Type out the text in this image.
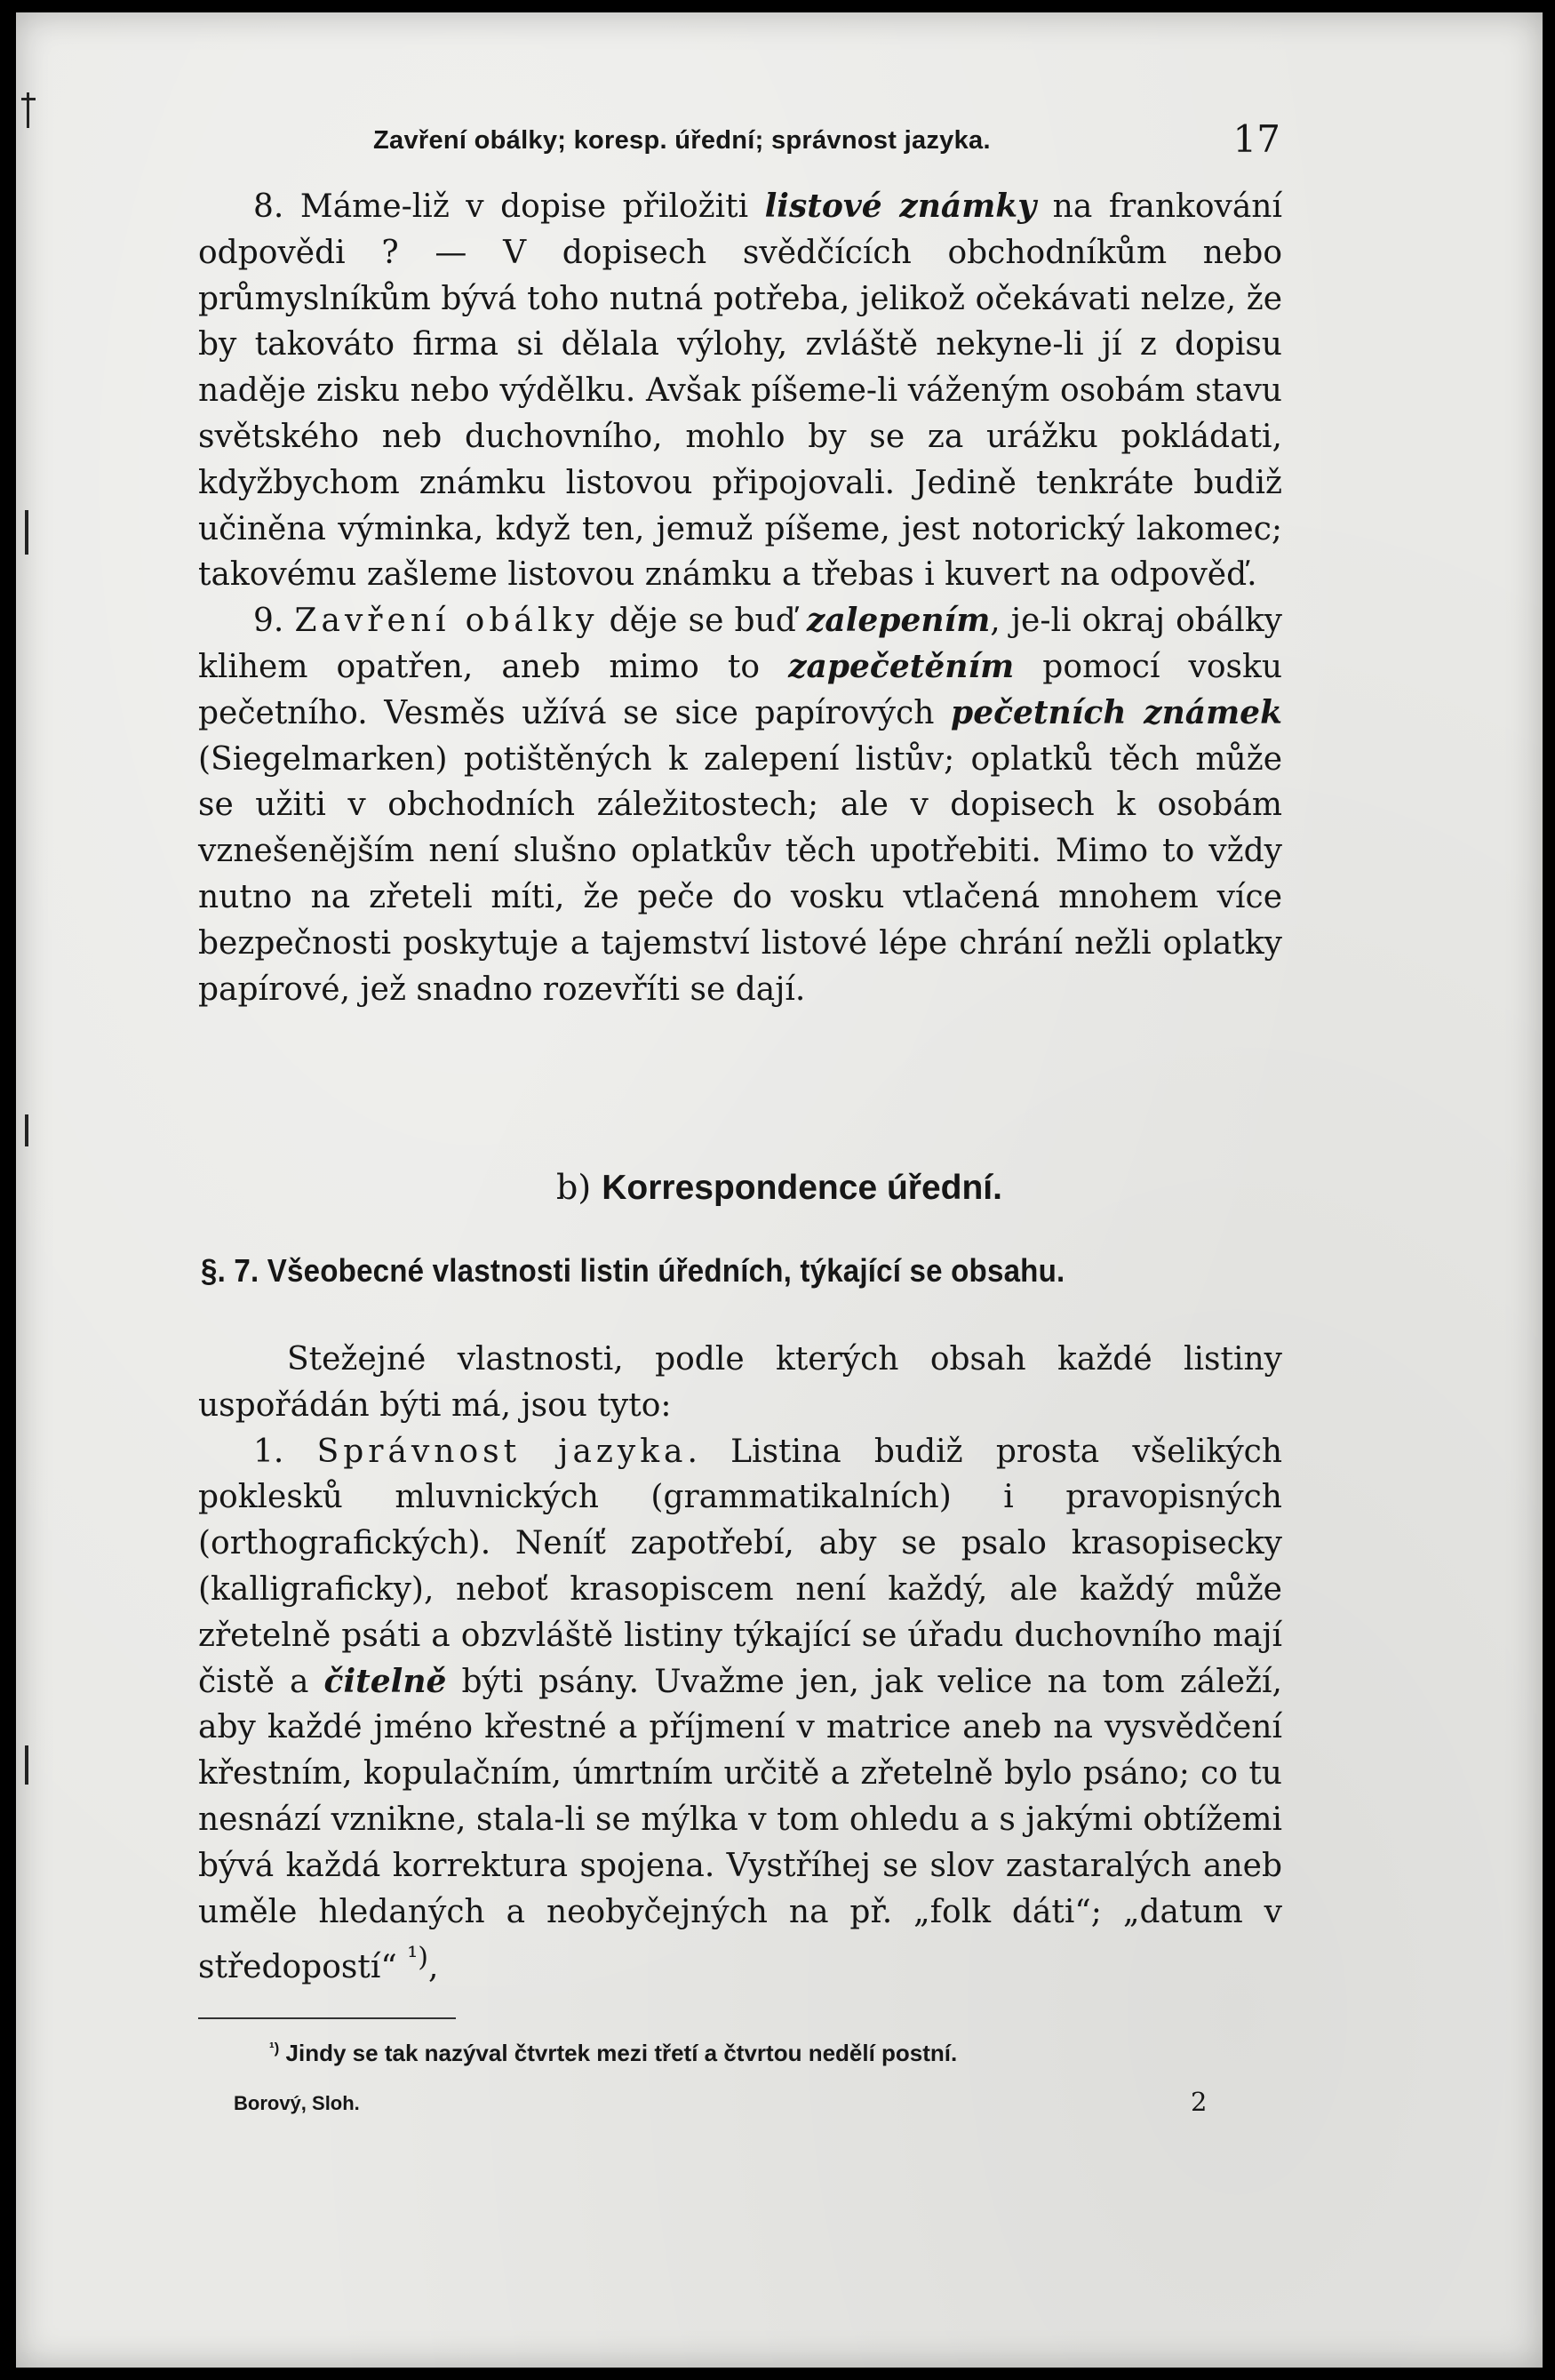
Zavření obálky; koresp. úřední; správnost jazyka.	17

8. Máme-liž v dopise přiložiti listové známky na frankování odpovědi ? — V dopisech svědčících obchodníkům nebo průmyslníkům bývá toho nutná potřeba, jelikož očekávati nelze, že by takováto firma si dělala výlohy, zvláště nekyne-li jí z dopisu naděje zisku nebo výdělku. Avšak píšeme-li váženým osobám stavu světského neb duchovního, mohlo by se za urážku pokládati, kdyžbychom známku listovou připojovali. Jedině tenkráte budiž učiněna výminka, když ten, jemuž píšeme, jest notorický lakomec; takovému zašleme listovou známku a třebas i kuvert na odpověď.

9. Zavření obálky děje se buď zalepením, je-li okraj obálky klihem opatřen, aneb mimo to zapečetěním pomocí vosku pečetního. Vesměs užívá se sice papírových pečetních známek (Siegelmarken) potištěných k zalepení listův; oplatků těch může se užiti v obchodních záležitostech; ale v dopisech k osobám vznešenějším není slušno oplatkův těch upotřebiti. Mimo to vždy nutno na zřeteli míti, že peče do vosku vtlačená mnohem více bezpečnosti poskytuje a tajemství listové lépe chrání nežli oplatky papírové, jež snadno rozevříti se dají.

b) Korrespondence úřední.
§. 7. Všeobecné vlastnosti listin úředních, týkající se obsahu.

Stežejné vlastnosti, podle kterých obsah každé listiny uspořádán býti má, jsou tyto:

1. Správnost jazyka. Listina budiž prosta všelikých poklesků mluvnických (grammatikalních) i pravopisných (orthografických). Neníť zapotřebí, aby se psalo krasopisecky (kalligraficky), neboť krasopiscem není každý, ale každý může zřetelně psáti a obzvláště listiny týkající se úřadu duchovního mají čistě a čitelně býti psány. Uvažme jen, jak velice na tom záleží, aby každé jméno křestné a příjmení v matrice aneb na vysvědčení křestním, kopulačním, úmrtním určitě a zřetelně bylo psáno; co tu nesnází vznikne, stala-li se mýlka v tom ohledu a s jakými obtížemi bývá každá korrektura spojena. Vystříhej se slov zastaralých aneb uměle hledaných a neobyčejných na př. „folk dáti“; „datum v středopostí“ $^{^1)}$,

$^{^1)}$ Jindy se tak nazýval čtvrtek mezi třetí a čtvrtou nedělí postní.
Borový, Sloh.	2
